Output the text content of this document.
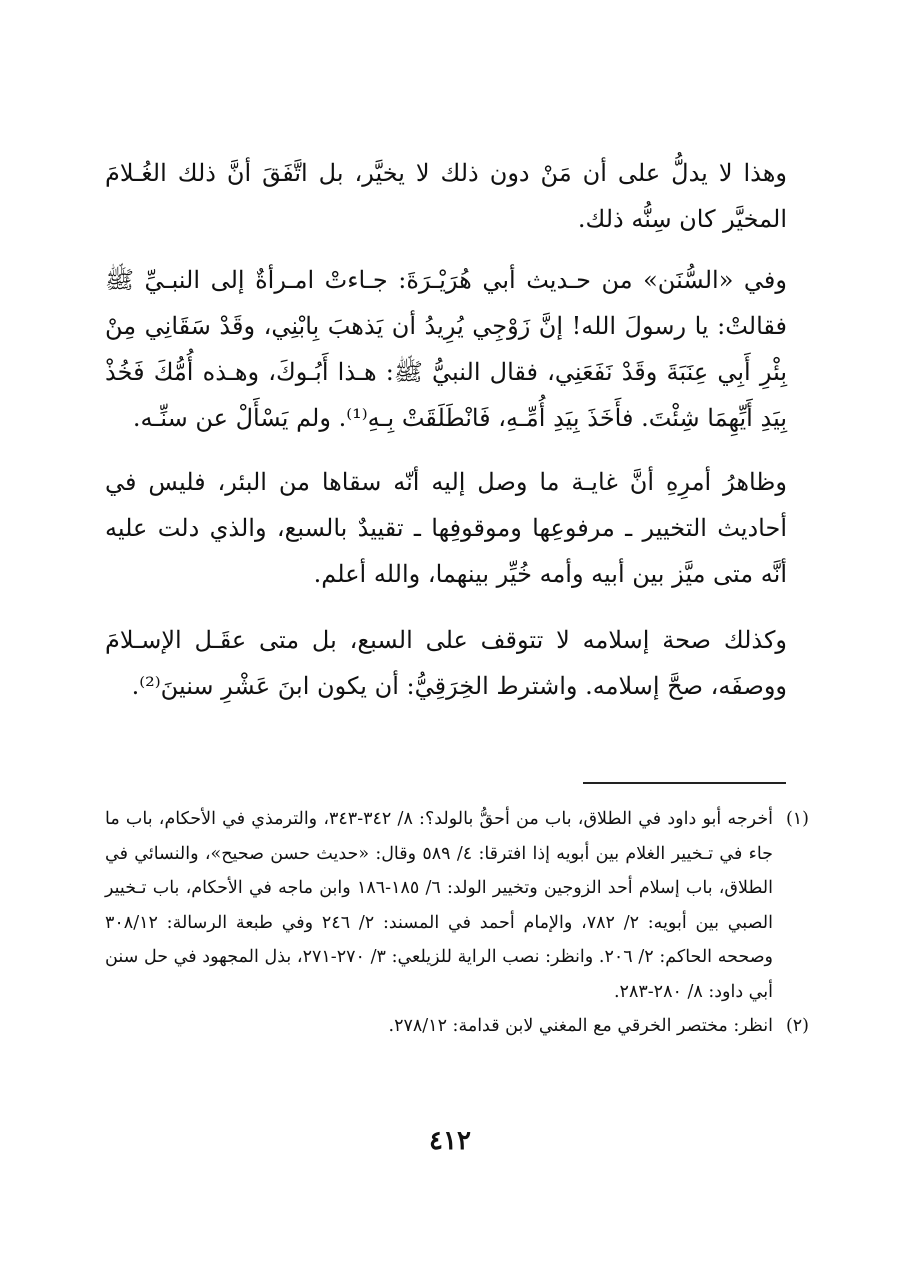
وهذا لا يدلُّ على أن مَنْ دون ذلك لا يخيَّر، بل اتَّفَقَ أنَّ ذلك الغُـلامَ المخيَّر كان سِنُّه ذلك.

وفي «السُّنَن» من حـديث أبي هُرَيْـرَةَ: جـاءتْ امـرأةٌ إلى النبـيِّ ﷺ فقالتْ: يا رسولَ الله! إنَّ زَوْجِي يُرِيدُ أن يَذهبَ بِابْنِي، وقَدْ سَقَانِي مِنْ بِئْرِ أَبِي عِنَبَةَ وقَدْ نَفَعَنِي، فقال النبيُّ ﷺ: هـذا أَبُـوكَ، وهـذه أُمُّكَ فَخُذْ بِيَدِ أَيِّهِمَا شِئْتَ. فأَخَذَ بِيَدِ أُمِّـهِ، فَانْطَلَقَتْ بِـهِ⁽¹⁾. ولم يَسْأَلْ عن سنِّـه.

وظاهرُ أمرِهِ أنَّ غايـة ما وصل إليه أنّه سقاها من البئر، فليس في أحاديث التخيير ـ مرفوعِها وموقوفِها ـ تقييدٌ بالسبع، والذي دلت عليه أنَّه متى ميَّز بين أبيه وأمه خُيِّر بينهما، والله أعلم.

وكذلك صحة إسلامه لا تتوقف على السبع، بل متى عقَـل الإسـلامَ ووصفَه، صحَّ إسلامه. واشترط الخِرَقِيُّ: أن يكون ابنَ عَشْرِ سنينَ⁽²⁾.

(١)
أخرجه أبو داود في الطلاق، باب من أحقُّ بالولد؟: ٨/ ٣٤٢-٣٤٣، والترمذي في الأحكام، باب ما جاء في تـخيير الغلام بين أبويه إذا افترقا: ٤/ ٥٨٩ وقال: «حديث حسن صحيح»، والنسائي في الطلاق، باب إسلام أحد الزوجين وتخيير الولد: ٦/ ١٨٥-١٨٦ وابن ماجه في الأحكام، باب تـخيير الصبي بين أبويه: ٢/ ٧٨٢، والإمام أحمد في المسند: ٢/ ٢٤٦ وفي طبعة الرسالة: ٣٠٨/١٢ وصححه الحاكم: ٢/ ٢٠٦. وانظر: نصب الراية للزيلعي: ٣/ ٢٧٠-٢٧١، بذل المجهود في حل سنن أبي داود: ٨/ ٢٨٠-٢٨٣.
(٢)
انظر: مختصر الخرقي مع المغني لابن قدامة: ٢٧٨/١٢.
٤١٢
